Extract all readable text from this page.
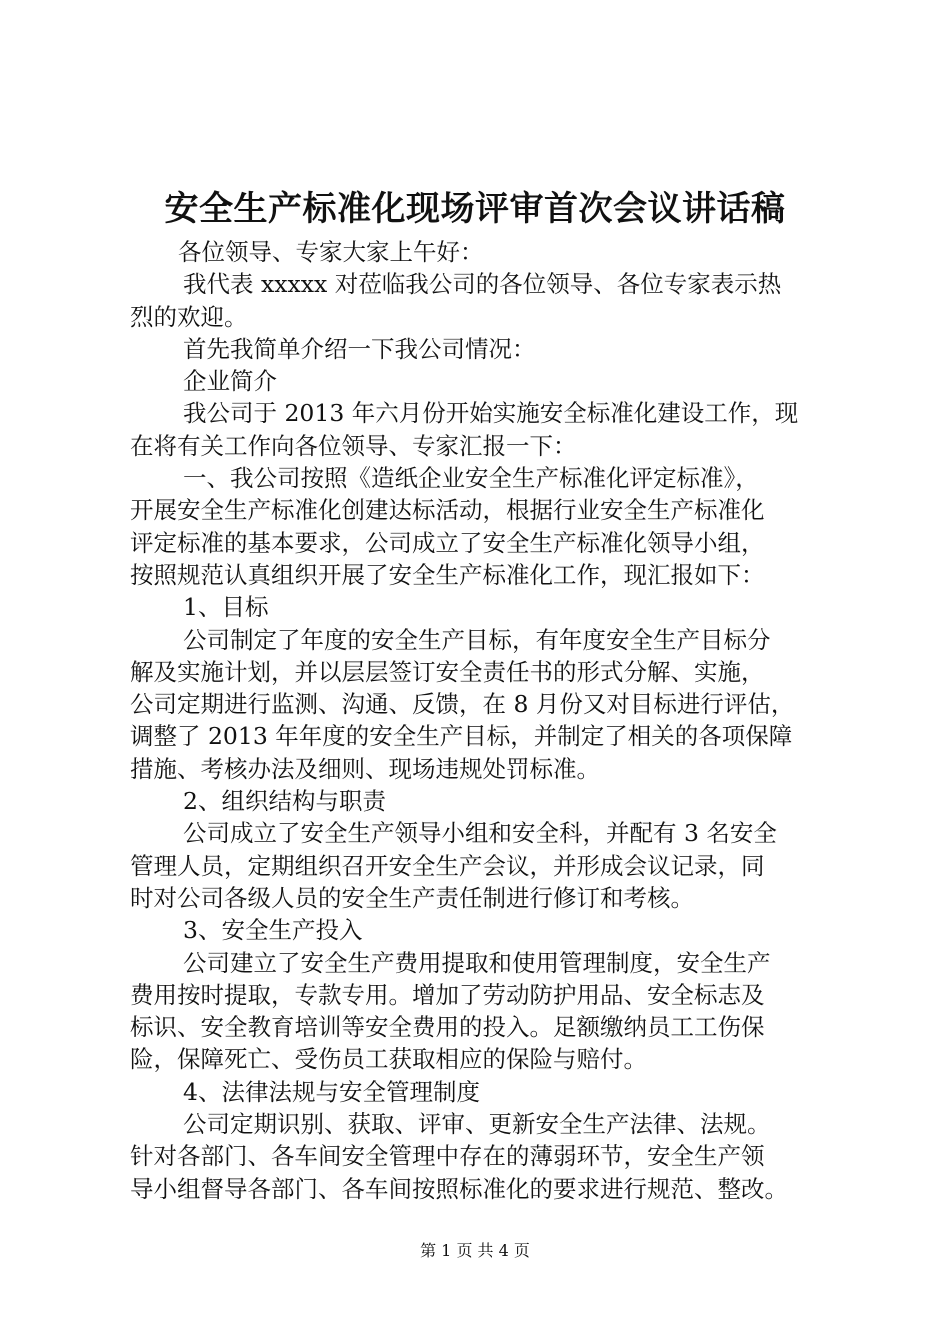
安全生产标准化现场评审首次会议讲话稿
各位领导、专家大家上午好：
我代表 xxxxx 对莅临我公司的各位领导、各位专家表示热
烈的欢迎。
首先我简单介绍一下我公司情况：
企业简介
我公司于 2013 年六月份开始实施安全标准化建设工作，现
在将有关工作向各位领导、专家汇报一下：
一、我公司按照《造纸企业安全生产标准化评定标准》，
开展安全生产标准化创建达标活动，根据行业安全生产标准化
评定标准的基本要求，公司成立了安全生产标准化领导小组，
按照规范认真组织开展了安全生产标准化工作，现汇报如下：
1、目标
公司制定了年度的安全生产目标，有年度安全生产目标分
解及实施计划，并以层层签订安全责任书的形式分解、实施，
公司定期进行监测、沟通、反馈，在 8 月份又对目标进行评估，
调整了 2013 年年度的安全生产目标，并制定了相关的各项保障
措施、考核办法及细则、现场违规处罚标准。
2、组织结构与职责
公司成立了安全生产领导小组和安全科，并配有 3 名安全
管理人员，定期组织召开安全生产会议，并形成会议记录，同
时对公司各级人员的安全生产责任制进行修订和考核。
3、安全生产投入
公司建立了安全生产费用提取和使用管理制度，安全生产
费用按时提取，专款专用。增加了劳动防护用品、安全标志及
标识、安全教育培训等安全费用的投入。足额缴纳员工工伤保
险，保障死亡、受伤员工获取相应的保险与赔付。
4、法律法规与安全管理制度
公司定期识别、获取、评审、更新安全生产法律、法规。
针对各部门、各车间安全管理中存在的薄弱环节，安全生产领
导小组督导各部门、各车间按照标准化的要求进行规范、整改。
第 1 页 共 4 页
